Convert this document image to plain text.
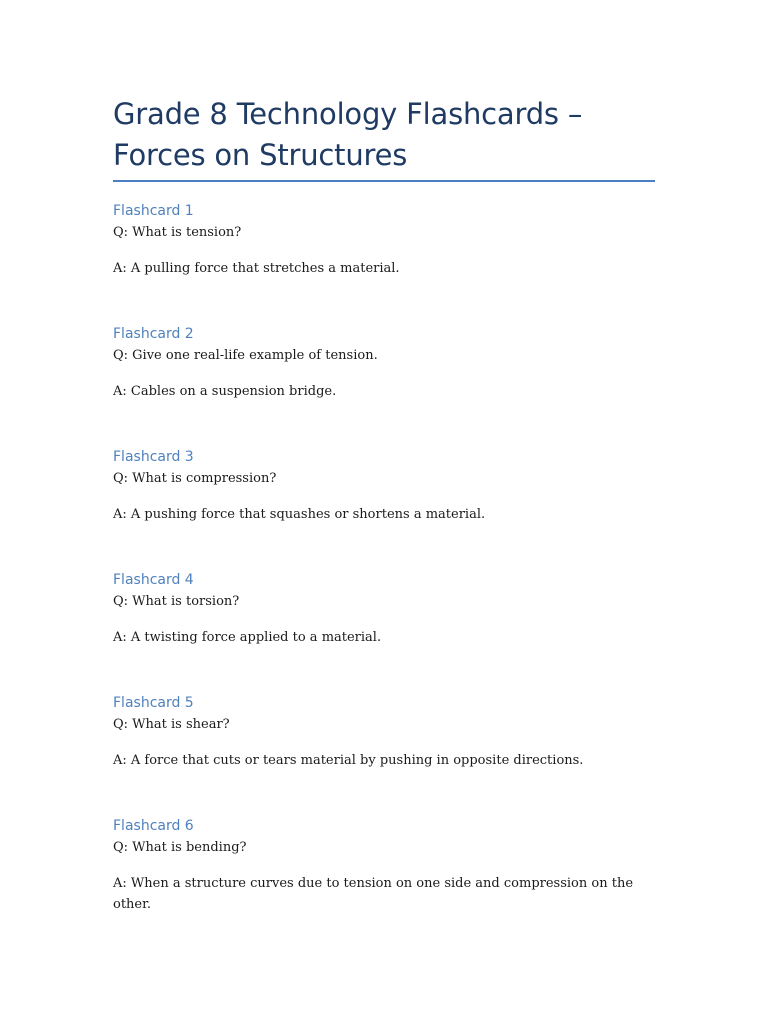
Grade 8 Technology Flashcards – Forces on Structures

Flashcard 1

Q: What is tension?

A: A pulling force that stretches a material.

Flashcard 2

Q: Give one real-life example of tension.

A: Cables on a suspension bridge.

Flashcard 3

Q: What is compression?

A: A pushing force that squashes or shortens a material.

Flashcard 4

Q: What is torsion?

A: A twisting force applied to a material.

Flashcard 5

Q: What is shear?

A: A force that cuts or tears material by pushing in opposite directions.

Flashcard 6

Q: What is bending?

A: When a structure curves due to tension on one side and compression on the other.
